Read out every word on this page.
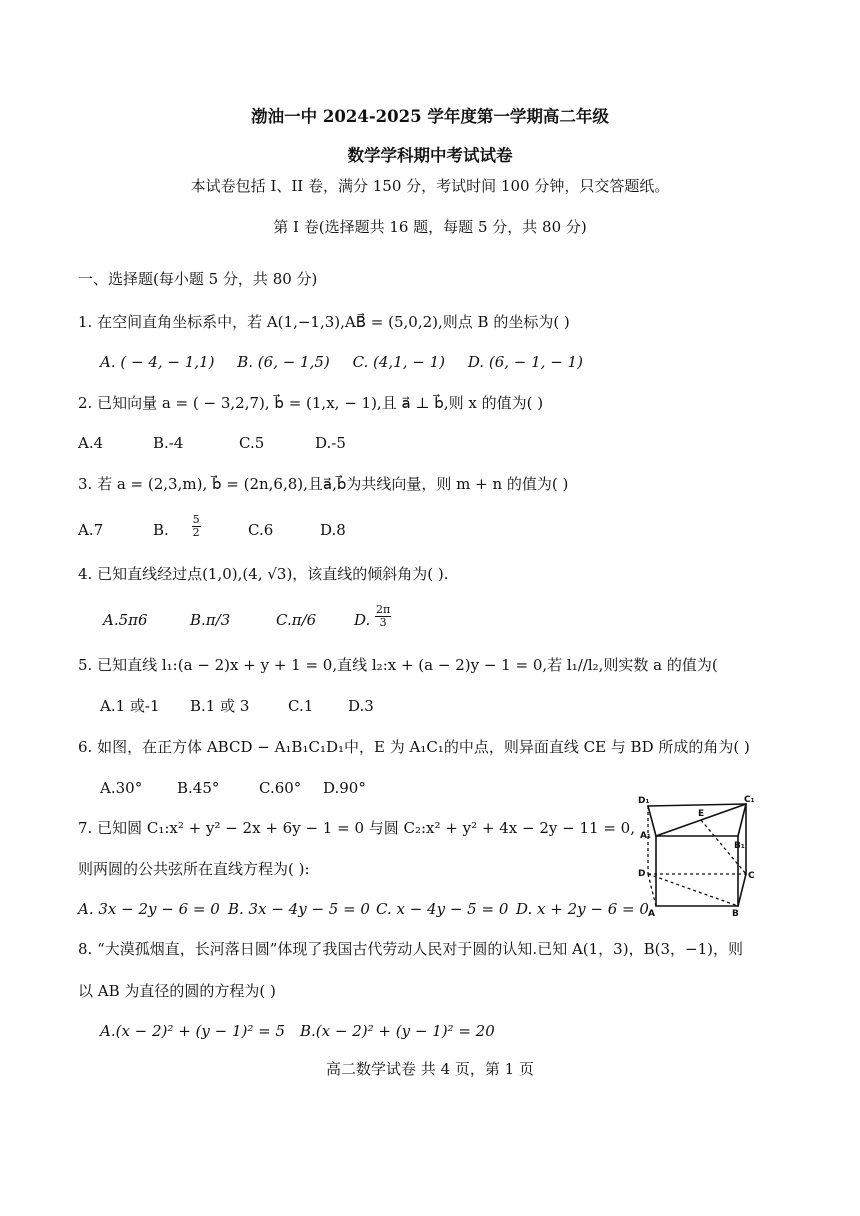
渤油一中 2024-2025 学年度第一学期高二年级
数学学科期中考试试卷
本试卷包括 I、II 卷，满分 150 分，考试时间 100 分钟，只交答题纸。
第 I 卷(选择题共 16 题，每题 5 分，共 80 分)
一、选择题(每小题 5 分，共 80 分)
1. 在空间直角坐标系中，若 A(1,−1,3),AB⃗ = (5,0,2),则点 B 的坐标为( )
A. ( − 4, − 1,1) B. (6, − 1,5) C. (4,1, − 1) D. (6, − 1, − 1)
2. 已知向量 a = ( − 3,2,7), b⃗ = (1,x, − 1),且 a⃗ ⊥ b⃗,则 x 的值为( )
A.4	B.-4	C.5	D.-5
3. 若 a = (2,3,m), b⃗ = (2n,6,8),且a⃗,b⃗为共线向量，则 m + n 的值为( )
A.7	B. $\frac{5}{2}$	C.6	D.8
4. 已知直线经过点(1,0),(4, √3)，该直线的倾斜角为( ).
A.5π6	B.π/3	C.π/6	D. $\frac{2\pi}{3}$
5. 已知直线 l₁:(a − 2)x + y + 1 = 0,直线 l₂:x + (a − 2)y − 1 = 0,若 l₁//l₂,则实数 a 的值为(
A.1 或-1 B.1 或 3	C.1 D.3
6. 如图，在正方体 ABCD − A₁B₁C₁D₁中，E 为 A₁C₁的中点，则异面直线 CE 与 BD 所成的角为( )
A.30° B.45°	C.60° D.90°
D₁	C₁
A₁
B₁
E
D	C
A	B
7. 已知圆 C₁:x² + y² − 2x + 6y − 1 = 0 与圆 C₂:x² + y² + 4x − 2y − 11 = 0,
则两圆的公共弦所在直线方程为( ):
A. 3x − 2y − 6 = 0 B. 3x − 4y − 5 = 0 C. x − 4y − 5 = 0 D. x + 2y − 6 = 0
8. “大漠孤烟直，长河落日圆”体现了我国古代劳动人民对于圆的认知.已知 A(1，3)，B(3，−1)，则
以 AB 为直径的圆的方程为( )
A.(x − 2)² + (y − 1)² = 5 B.(x − 2)² + (y − 1)² = 20
高二数学试卷 共 4 页，第 1 页
